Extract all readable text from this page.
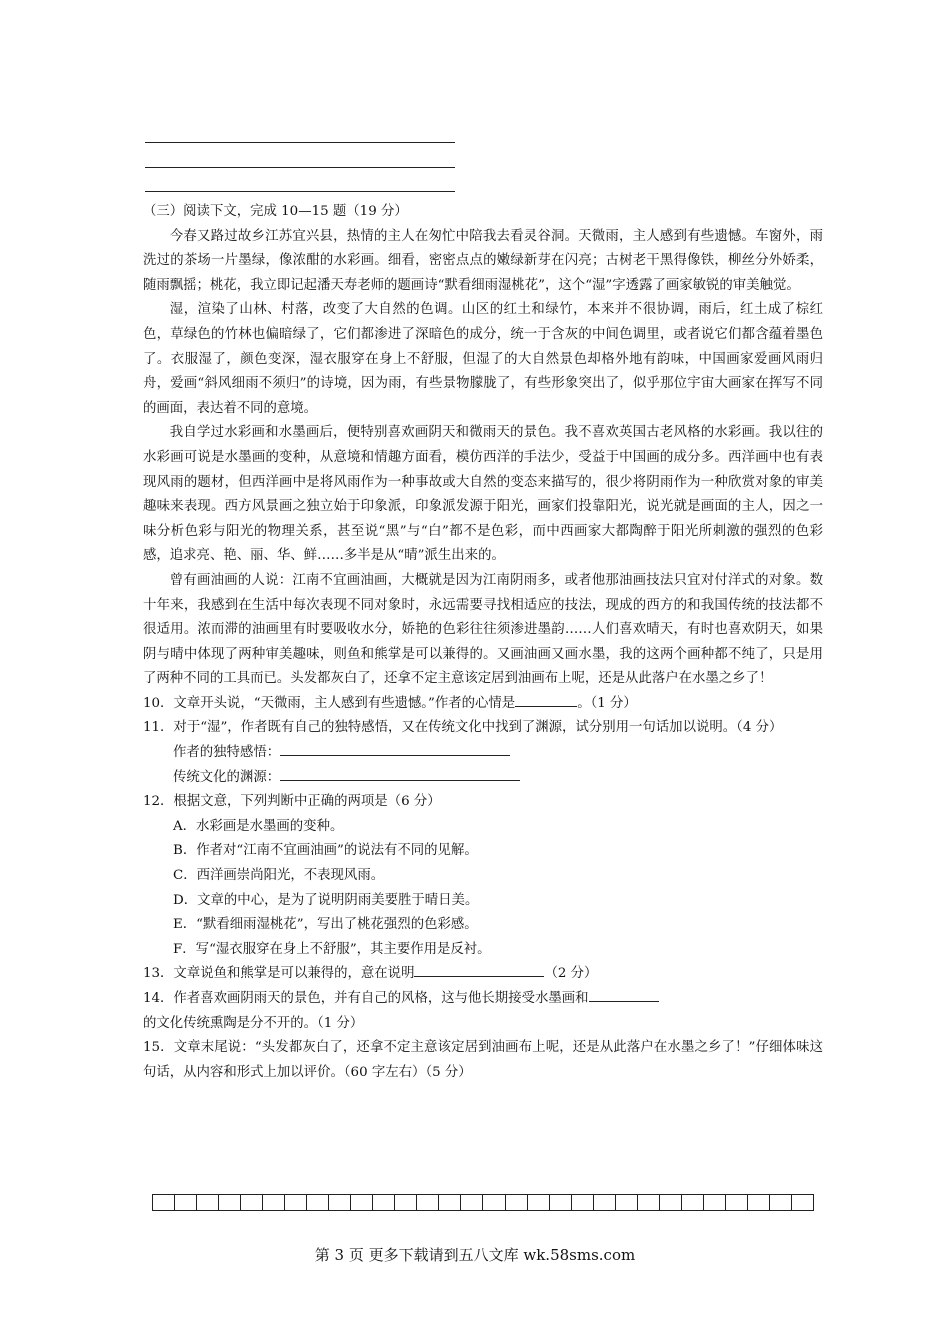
（三）阅读下文，完成 10—15 题（19 分）

今春又路过故乡江苏宜兴县，热情的主人在匆忙中陪我去看灵谷洞。天微雨，主人感到有些遗憾。车窗外，雨洗过的茶场一片墨绿，像浓酣的水彩画。细看，密密点点的嫩绿新芽在闪亮；古树老干黑得像铁，柳丝分外娇柔，随雨飘摇；桃花，我立即记起潘天寿老师的题画诗“默看细雨湿桃花”，这个“湿”字透露了画家敏锐的审美触觉。

湿，渲染了山林、村落，改变了大自然的色调。山区的红土和绿竹，本来并不很协调，雨后，红土成了棕红色，草绿色的竹林也偏暗绿了，它们都渗进了深暗色的成分，统一于含灰的中间色调里，或者说它们都含蕴着墨色了。衣服湿了，颜色变深，湿衣服穿在身上不舒服，但湿了的大自然景色却格外地有韵味，中国画家爱画风雨归舟，爱画“斜风细雨不须归”的诗境，因为雨，有些景物朦胧了，有些形象突出了，似乎那位宇宙大画家在挥写不同的画面，表达着不同的意境。

我自学过水彩画和水墨画后，便特别喜欢画阴天和微雨天的景色。我不喜欢英国古老风格的水彩画。我以往的水彩画可说是水墨画的变种，从意境和情趣方面看，模仿西洋的手法少，受益于中国画的成分多。西洋画中也有表现风雨的题材，但西洋画中是将风雨作为一种事故或大自然的变态来描写的，很少将阴雨作为一种欣赏对象的审美趣味来表现。西方风景画之独立始于印象派，印象派发源于阳光，画家们投靠阳光，说光就是画面的主人，因之一味分析色彩与阳光的物理关系，甚至说“黑”与“白”都不是色彩，而中西画家大都陶醉于阳光所刺激的强烈的色彩感，追求亮、艳、丽、华、鲜……多半是从“晴”派生出来的。

曾有画油画的人说：江南不宜画油画，大概就是因为江南阴雨多，或者他那油画技法只宜对付洋式的对象。数十年来，我感到在生活中每次表现不同对象时，永远需要寻找相适应的技法，现成的西方的和我国传统的技法都不很适用。浓而滞的油画里有时要吸收水分，娇艳的色彩往往须渗进墨韵……人们喜欢晴天，有时也喜欢阴天，如果阴与晴中体现了两种审美趣味，则鱼和熊掌是可以兼得的。又画油画又画水墨，我的这两个画种都不纯了，只是用了两种不同的工具而已。头发都灰白了，还拿不定主意该定居到油画布上呢，还是从此落户在水墨之乡了！

10．文章开头说，“天微雨，主人感到有些遗憾。”作者的心情是	。（1 分）

11．对于“湿”，作者既有自己的独特感悟，又在传统文化中找到了渊源，试分别用一句话加以说明。（4 分）

作者的独特感悟：

传统文化的渊源：

12．根据文意，下列判断中正确的两项是（6 分）

A．水彩画是水墨画的变种。

B．作者对“江南不宜画油画”的说法有不同的见解。

C．西洋画崇尚阳光，不表现风雨。

D．文章的中心，是为了说明阴雨美要胜于晴日美。

E．“默看细雨湿桃花”，写出了桃花强烈的色彩感。

F．写“湿衣服穿在身上不舒服”，其主要作用是反衬。

13．文章说鱼和熊掌是可以兼得的，意在说明	（2 分）

14．作者喜欢画阴雨天的景色，并有自己的风格，这与他长期接受水墨画和

的文化传统熏陶是分不开的。（1 分）

15．文章末尾说：“头发都灰白了，还拿不定主意该定居到油画布上呢，还是从此落户在水墨之乡了！”仔细体味这句话，从内容和形式上加以评价。（60 字左右）（5 分）

第 3 页 更多下载请到五八文库 wk.58sms.com
